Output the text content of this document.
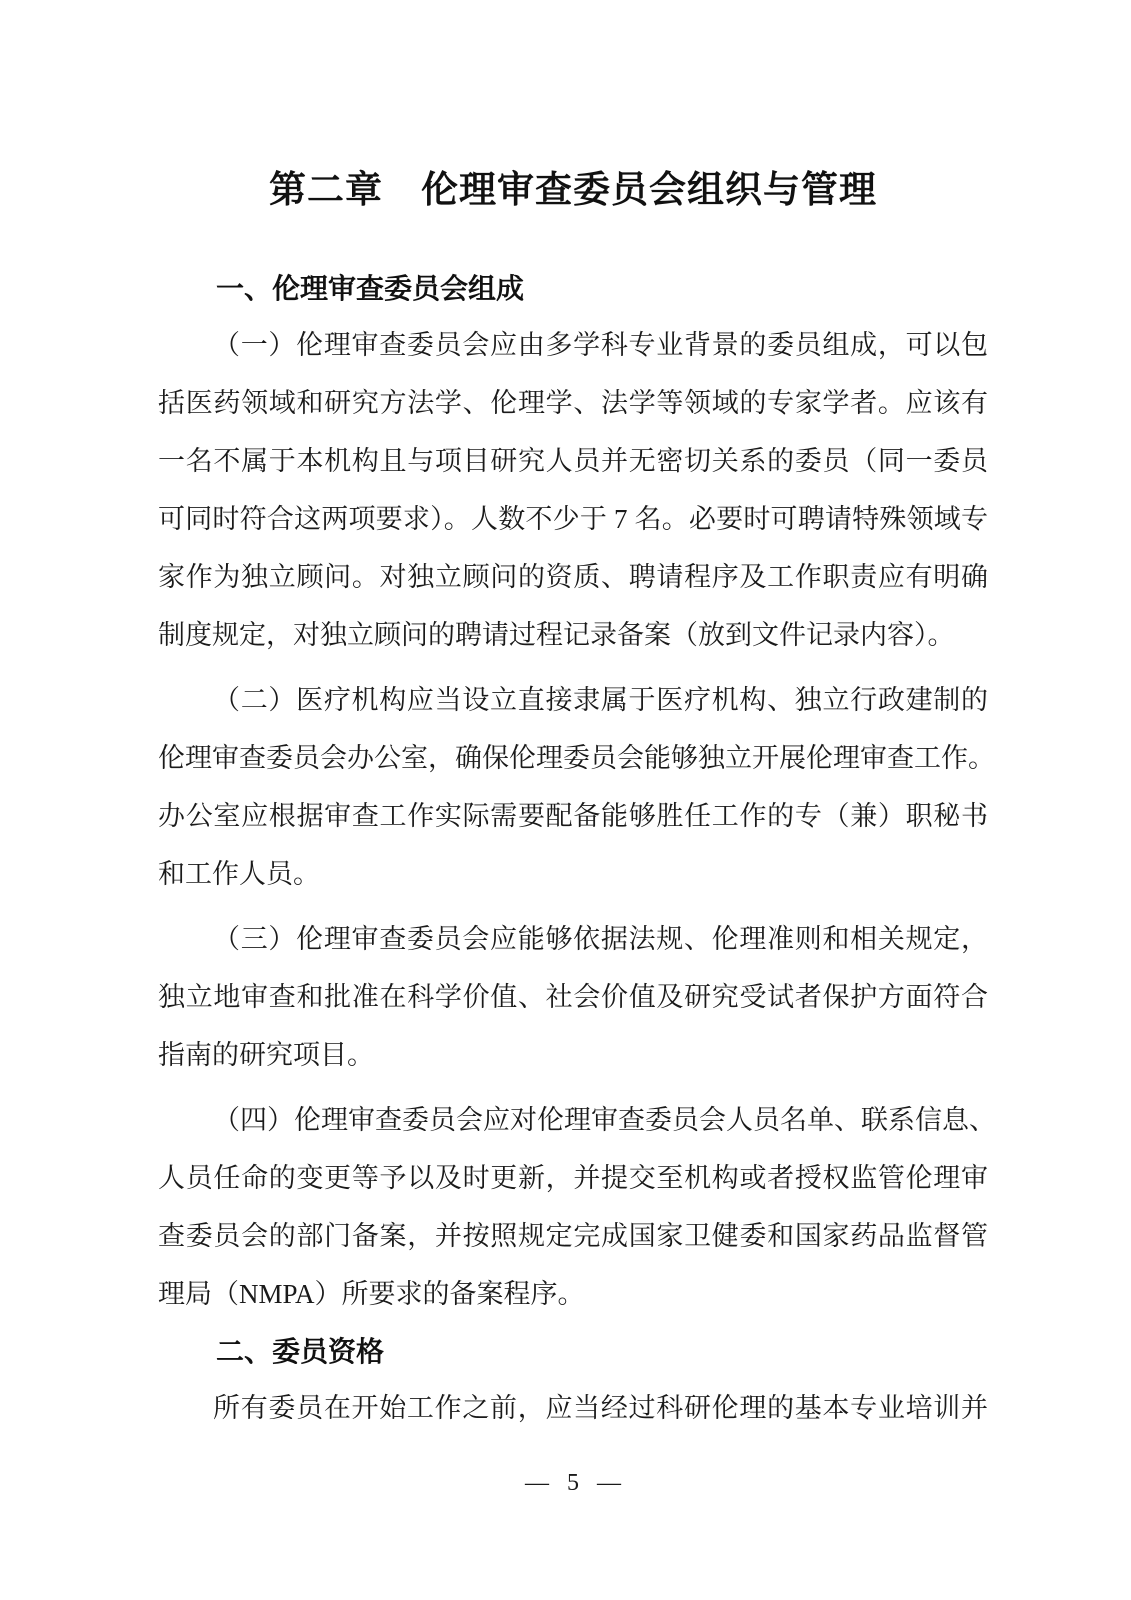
第二章　伦理审查委员会组织与管理
一、伦理审查委员会组成
（一）伦理审查委员会应由多学科专业背景的委员组成，可以包
括医药领域和研究方法学、伦理学、法学等领域的专家学者。应该有
一名不属于本机构且与项目研究人员并无密切关系的委员（同一委员
可同时符合这两项要求）。人数不少于 7 名。必要时可聘请特殊领域专
家作为独立顾问。对独立顾问的资质、聘请程序及工作职责应有明确
制度规定，对独立顾问的聘请过程记录备案（放到文件记录内容）。
（二）医疗机构应当设立直接隶属于医疗机构、独立行政建制的
伦理审查委员会办公室，确保伦理委员会能够独立开展伦理审查工作。
办公室应根据审查工作实际需要配备能够胜任工作的专（兼）职秘书
和工作人员。
（三）伦理审查委员会应能够依据法规、伦理准则和相关规定，
独立地审查和批准在科学价值、社会价值及研究受试者保护方面符合
指南的研究项目。
（四）伦理审查委员会应对伦理审查委员会人员名单、联系信息、
人员任命的变更等予以及时更新，并提交至机构或者授权监管伦理审
查委员会的部门备案，并按照规定完成国家卫健委和国家药品监督管
理局（NMPA）所要求的备案程序。
二、委员资格
所有委员在开始工作之前，应当经过科研伦理的基本专业培训并
— 5 —
